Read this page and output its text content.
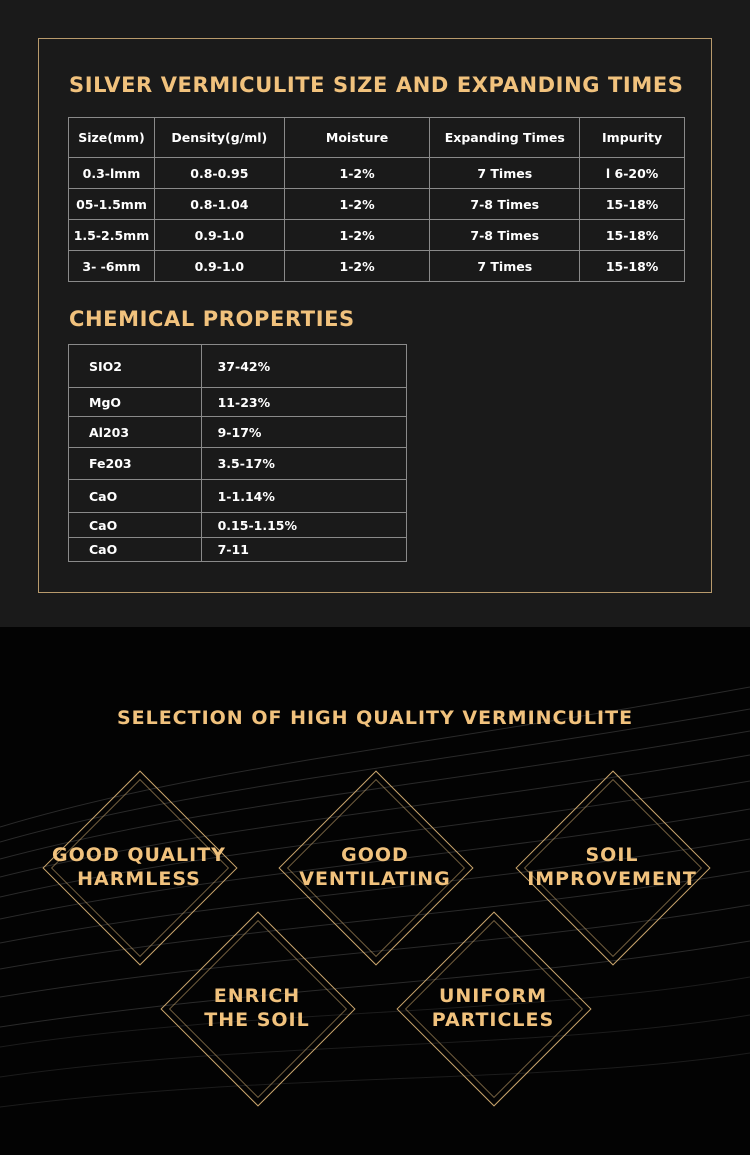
SILVER VERMICULITE SIZE AND EXPANDING TIMES
Size(mm)	Density(g/ml)	Moisture	Expanding Times	Impurity
0.3-lmm	0.8-0.95	1-2%	7 Times	l 6-20%
05-1.5mm	0.8-1.04	1-2%	7-8 Times	15-18%
1.5-2.5mm	0.9-1.0	1-2%	7-8 Times	15-18%
3- -6mm	0.9-1.0	1-2%	7 Times	15-18%
CHEMICAL PROPERTIES
SIO2	37-42%
MgO	11-23%
Al203	9-17%
Fe203	3.5-17%
CaO	1-1.14%
CaO	0.15-1.15%
CaO	7-11
SELECTION OF HIGH QUALITY VERMINCULITE
GOOD QUALITY
HARMLESS
GOOD
VENTILATING
SOIL
IMPROVEMENT
ENRICH
THE SOIL
UNIFORM
PARTICLES
